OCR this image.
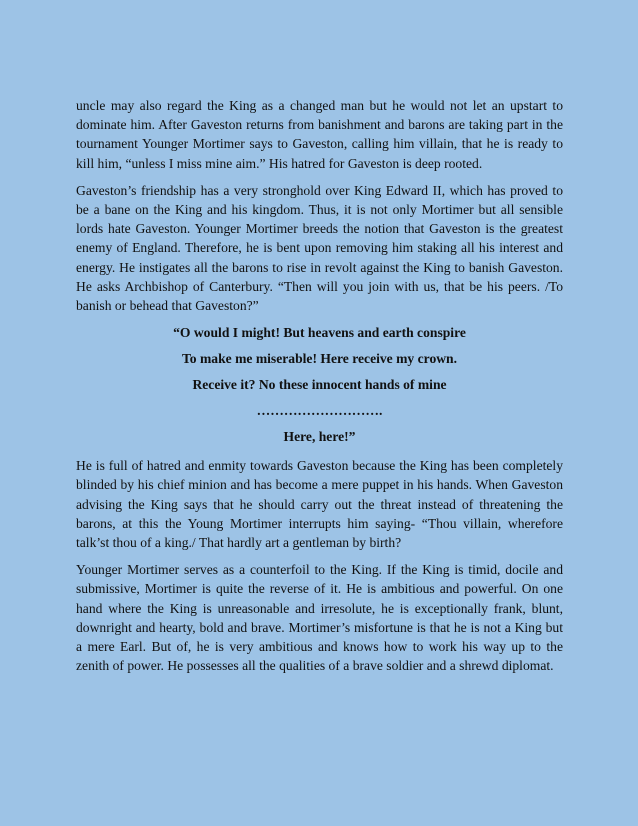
uncle may also regard the King as a changed man but he would not let an upstart to dominate him. After Gaveston returns from banishment and barons are taking part in the tournament Younger Mortimer says to Gaveston, calling him villain, that he is ready to kill him, “unless I miss mine aim.” His hatred for Gaveston is deep rooted.

Gaveston’s friendship has a very stronghold over King Edward II, which has proved to be a bane on the King and his kingdom. Thus, it is not only Mortimer but all sensible lords hate Gaveston. Younger Mortimer breeds the notion that Gaveston is the greatest enemy of England. Therefore, he is bent upon removing him staking all his interest and energy. He instigates all the barons to rise in revolt against the King to banish Gaveston. He asks Archbishop of Canterbury. “Then will you join with us, that be his peers. /To banish or behead that Gaveston?”

“O would I might! But heavens and earth conspire
To make me miserable! Here receive my crown.
Receive it? No these innocent hands of mine
……………………….
Here, here!”

He is full of hatred and enmity towards Gaveston because the King has been completely blinded by his chief minion and has become a mere puppet in his hands. When Gaveston advising the King says that he should carry out the threat instead of threatening the barons, at this the Young Mortimer interrupts him saying- “Thou villain, wherefore talk’st thou of a king./ That hardly art a gentleman by birth?

Younger Mortimer serves as a counterfoil to the King. If the King is timid, docile and submissive, Mortimer is quite the reverse of it. He is ambitious and powerful. On one hand where the King is unreasonable and irresolute, he is exceptionally frank, blunt, downright and hearty, bold and brave. Mortimer’s misfortune is that he is not a King but a mere Earl. But of, he is very ambitious and knows how to work his way up to the zenith of power. He possesses all the qualities of a brave soldier and a shrewd diplomat.
